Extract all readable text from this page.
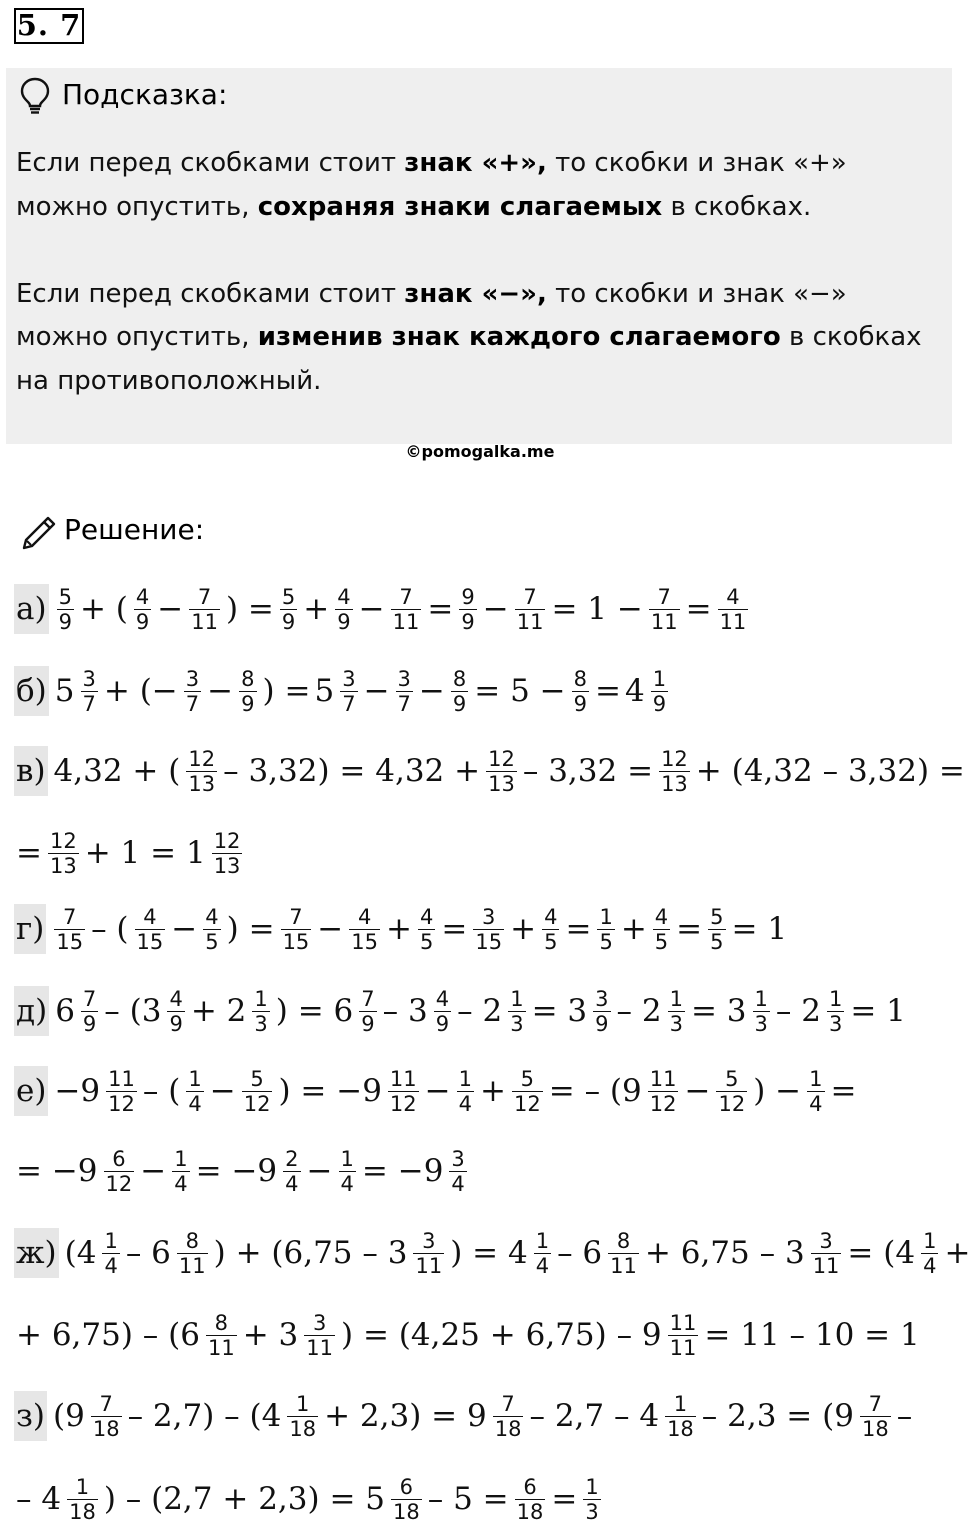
5. 7
Подсказка:
Если перед скобками стоит знак «+», то скобки и знак «+»
можно опустить, сохраняя знаки слагаемых в скобках.
Если перед скобками стоит знак «−», то скобки и знак «−»
можно опустить, изменив знак каждого слагаемого в скобках
на противоположный.
©pomogalka.me
Решение:
$а) \frac{5}{9}$ + ( $\frac{4}{9} - \frac{7}{11}$ ) = $\frac{5}{9} + \frac{4}{9} - \frac{7}{11} = \frac{9}{9} - \frac{7}{11} = 1 - \frac{7}{11} = \frac{4}{11}$
б) $5 \frac{3}{7}$ + (− $\frac{3}{7} - \frac{8}{9}$ ) = $5 \frac{3}{7} - \frac{3}{7} - \frac{8}{9} = 5 - \frac{8}{9} = 4 \frac{1}{9}$
в) 4,32 + ( $\frac{12}{13} - 3,32) = 4,32 + \frac{12}{13} - 3,32 = \frac{12}{13} + (4,32 - 3,32)$ =
= $\frac{12}{13} + 1 = 1 \frac{12}{13}$
$г) \frac{7}{15}$ – ( $\frac{4}{15} - \frac{4}{5}$ ) = $\frac{7}{15} - \frac{4}{15} + \frac{4}{5} = \frac{3}{15} + \frac{4}{5} = \frac{1}{5} + \frac{4}{5} = \frac{5}{5} = 1$
д) $6 \frac{7}{9} - (3 \frac{4}{9} + 2 \frac{1}{3}$ ) = $6 \frac{7}{9} - 3 \frac{4}{9} - 2 \frac{1}{3} = 3 \frac{3}{9} - 2 \frac{1}{3} = 3 \frac{1}{3} - 2 \frac{1}{3} = 1$
$е) -9 \frac{11}{12}$ – ( $\frac{1}{4} - \frac{5}{12}$ ) = $-9 \frac{11}{12} - \frac{1}{4} + \frac{5}{12}$ = – ($9 \frac{11}{12} - \frac{5}{12}$ ) − $\frac{1}{4}$ =
= $-9 \frac{6}{12} - \frac{1}{4} = -9 \frac{2}{4} - \frac{1}{4} = -9 \frac{3}{4}$
ж) ($4 \frac{1}{4} - 6 \frac{8}{11}$ ) + ($6,75 - 3 \frac{3}{11}$ ) = $4 \frac{1}{4} - 6 \frac{8}{11} + 6,75 - 3 \frac{3}{11} = (4 \frac{1}{4}$ +
+ $6,75) - (6 \frac{8}{11} + 3 \frac{3}{11}$ ) = $(4,25 + 6,75) - 9 \frac{11}{11} = 11 - 10 = 1$
з) $(9 \frac{7}{18} - 2,7) - (4 \frac{1}{18} + 2,3) = 9 \frac{7}{18} - 2,7 - 4 \frac{1}{18} - 2,3 = (9 \frac{7}{18}$ –
– $4 \frac{1}{18}$ ) – $(2,7 + 2,3) = 5 \frac{6}{18} - 5 = \frac{6}{18} = \frac{1}{3}$
